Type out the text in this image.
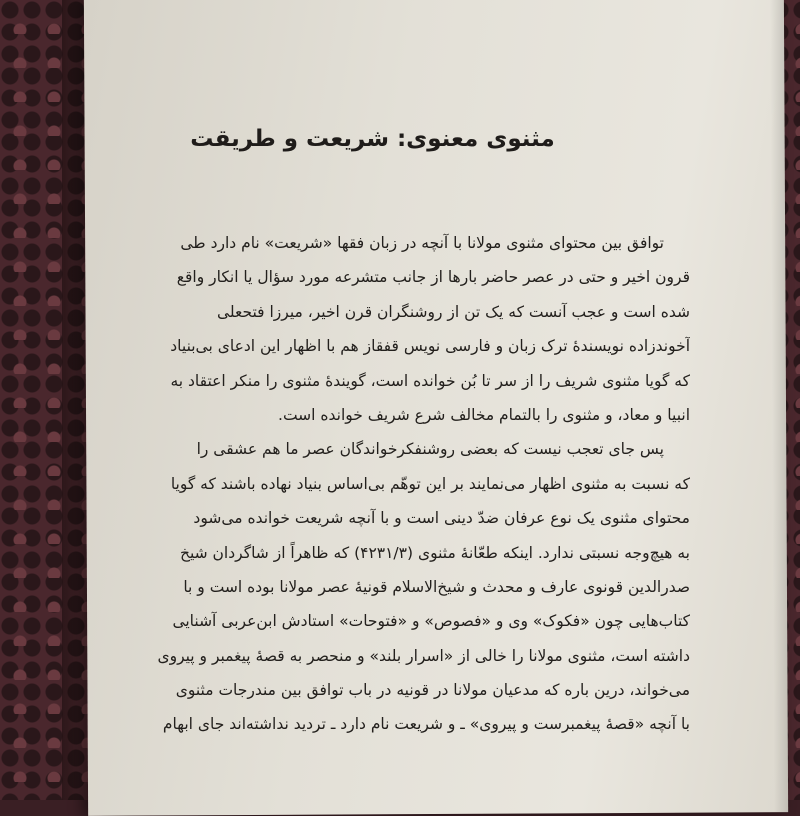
مثنوی معنوی: شریعت و طریقت
توافق بین محتوای مثنوی مولانا با آنچه در زبان فقها «شریعت» نام دارد طی
قرون اخیر و حتی در عصر حاضر بارها از جانب متشرعه مورد سؤال یا انکار واقع
شده است و عجب آنست که یک تن از روشنگران قرن اخیر، میرزا فتحعلی
آخوندزاده نویسندهٔ ترک زبان و فارسی نویس قفقاز هم با اظهار این ادعای بی‌بنیاد
که گویا مثنوی شریف را از سر تا بُن خوانده است، گویندهٔ مثنوی را منکر اعتقاد به
انبیا و معاد، و مثنوی را بالتمام مخالف شرع شریف خوانده است.
پس جای تعجب نیست که بعضی روشنفکرخواندگان عصر ما هم عشقی را
که نسبت به مثنوی اظهار می‌نمایند بر این توهّم بی‌اساس بنیاد نهاده باشند که گویا
محتوای مثنوی یک نوع عرفان ضدّ دینی است و با آنچه شریعت خوانده می‌شود
به هیچ‌وجه نسبتی ندارد. اینکه طعّانهٔ مثنوی (۴۲۳۱/۳) که ظاهراً از شاگردان شیخ
صدرالدین قونوی عارف و محدث و شیخ‌الاسلام قونیهٔ عصر مولانا بوده است و با
کتاب‌هایی چون «فکوک» وی و «فصوص» و «فتوحات» استادش ابن‌عربی آشنایی
داشته است، مثنوی مولانا را خالی از «اسرار بلند» و منحصر به قصهٔ پیغمبر و پیروی
می‌خواند، درین باره که مدعیان مولانا در قونیه در باب توافق بین مندرجات مثنوی
با آنچه «قصهٔ پیغمبرست و پیروی» ـ و شریعت نام دارد ـ تردید نداشته‌اند جای ابهام
